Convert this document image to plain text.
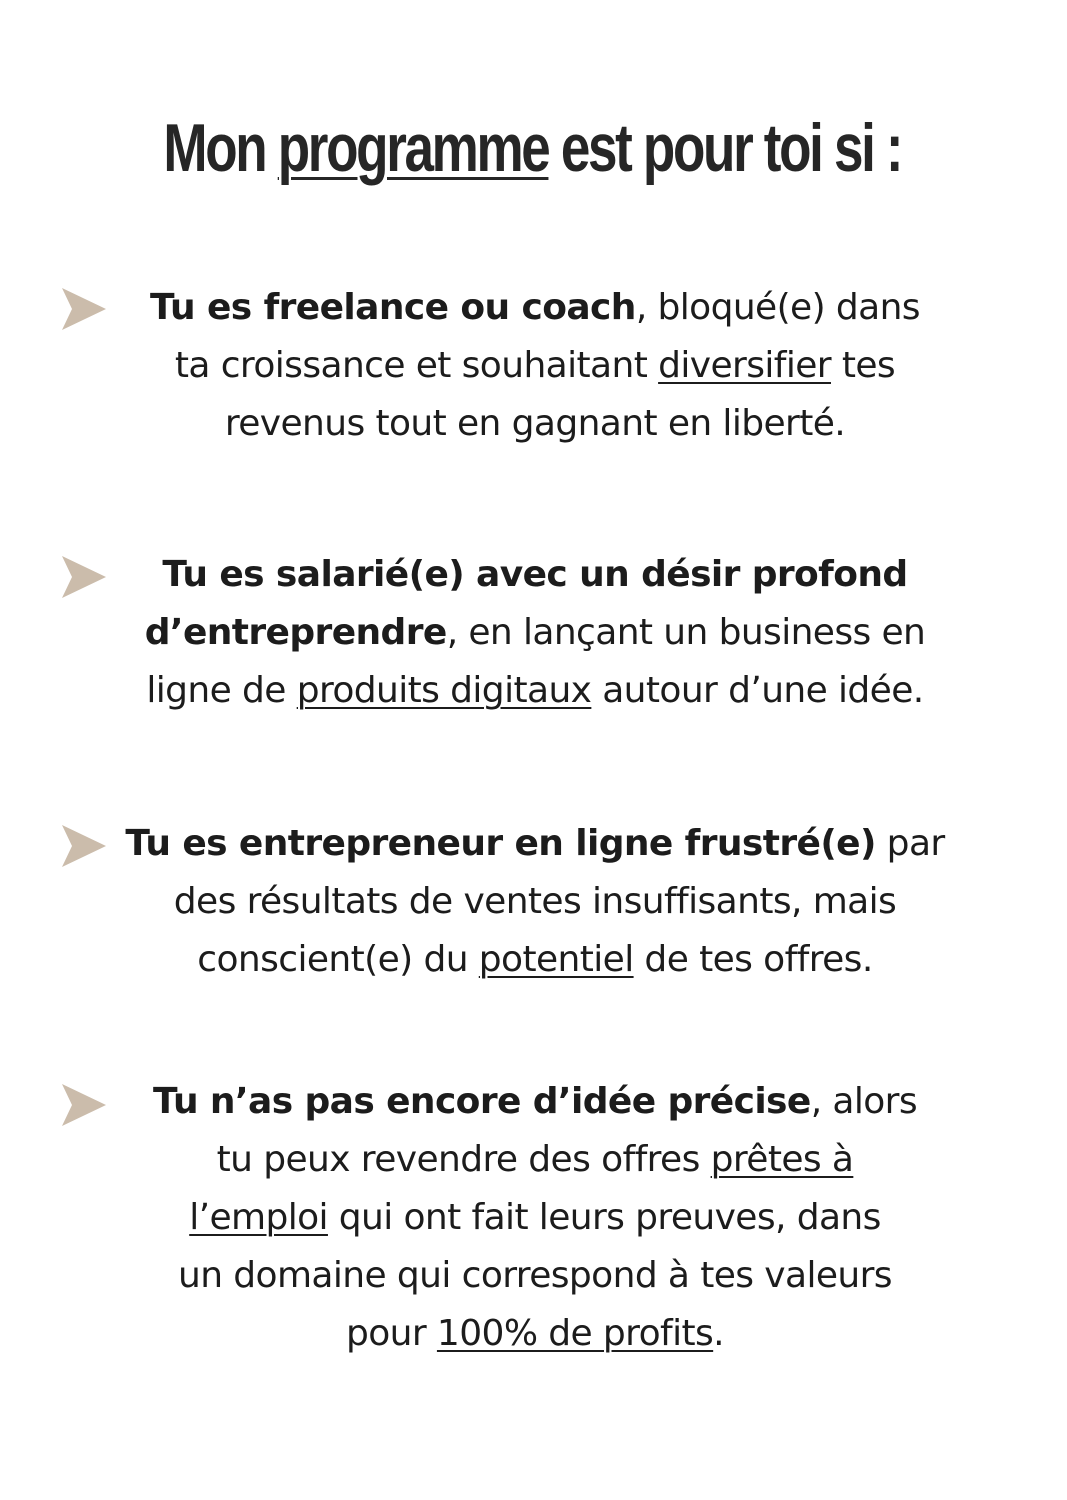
Mon programme est pour toi si :
Tu es freelance ou coach, bloqué(e) dans
ta croissance et souhaitant diversifier tes
revenus tout en gagnant en liberté.
Tu es salarié(e) avec un désir profond
d’entreprendre, en lançant un business en
ligne de produits digitaux autour d’une idée.
Tu es entrepreneur en ligne frustré(e) par
des résultats de ventes insuffisants, mais
conscient(e) du potentiel de tes offres.
Tu n’as pas encore d’idée précise, alors
tu peux revendre des offres prêtes à
l’emploi qui ont fait leurs preuves, dans
un domaine qui correspond à tes valeurs
pour 100% de profits.
